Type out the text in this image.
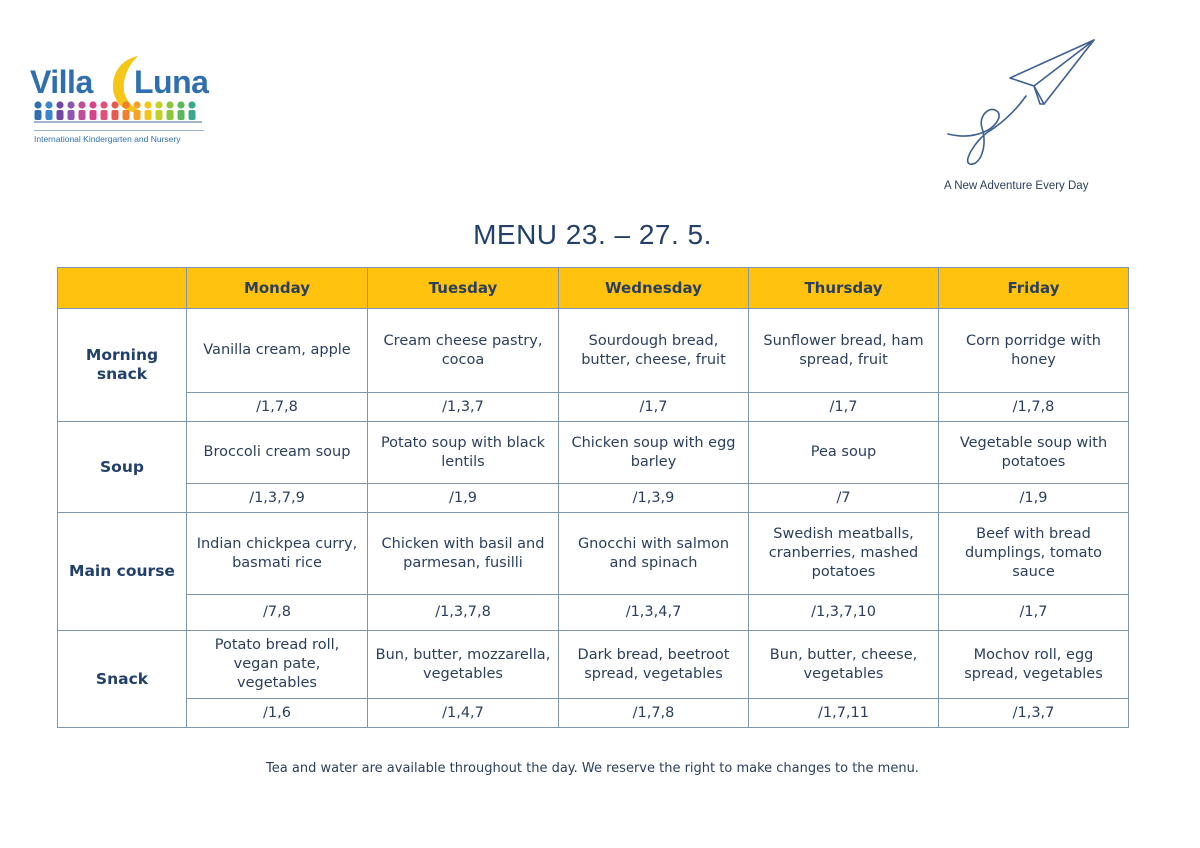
Villa Luna
International Kindergarten and Nursery
A New Adventure Every Day
MENU 23. – 27. 5.
	Monday	Tuesday	Wednesday	Thursday	Friday
Morning snack	Vanilla cream, apple	Cream cheese pastry, cocoa	Sourdough bread, butter, cheese, fruit	Sunflower bread, ham spread, fruit	Corn porridge with honey
	/1,7,8	/1,3,7	/1,7	/1,7	/1,7,8
Soup	Broccoli cream soup	Potato soup with black lentils	Chicken soup with egg barley	Pea soup	Vegetable soup with potatoes
	/1,3,7,9	/1,9	/1,3,9	/7	/1,9
Main course	Indian chickpea curry, basmati rice	Chicken with basil and parmesan, fusilli	Gnocchi with salmon and spinach	Swedish meatballs, cranberries, mashed potatoes	Beef with bread dumplings, tomato sauce
	/7,8	/1,3,7,8	/1,3,4,7	/1,3,7,10	/1,7
Snack	Potato bread roll, vegan pate, vegetables	Bun, butter, mozzarella, vegetables	Dark bread, beetroot spread, vegetables	Bun, butter, cheese, vegetables	Mochov roll, egg spread, vegetables
	/1,6	/1,4,7	/1,7,8	/1,7,11	/1,3,7
Tea and water are available throughout the day. We reserve the right to make changes to the menu.
